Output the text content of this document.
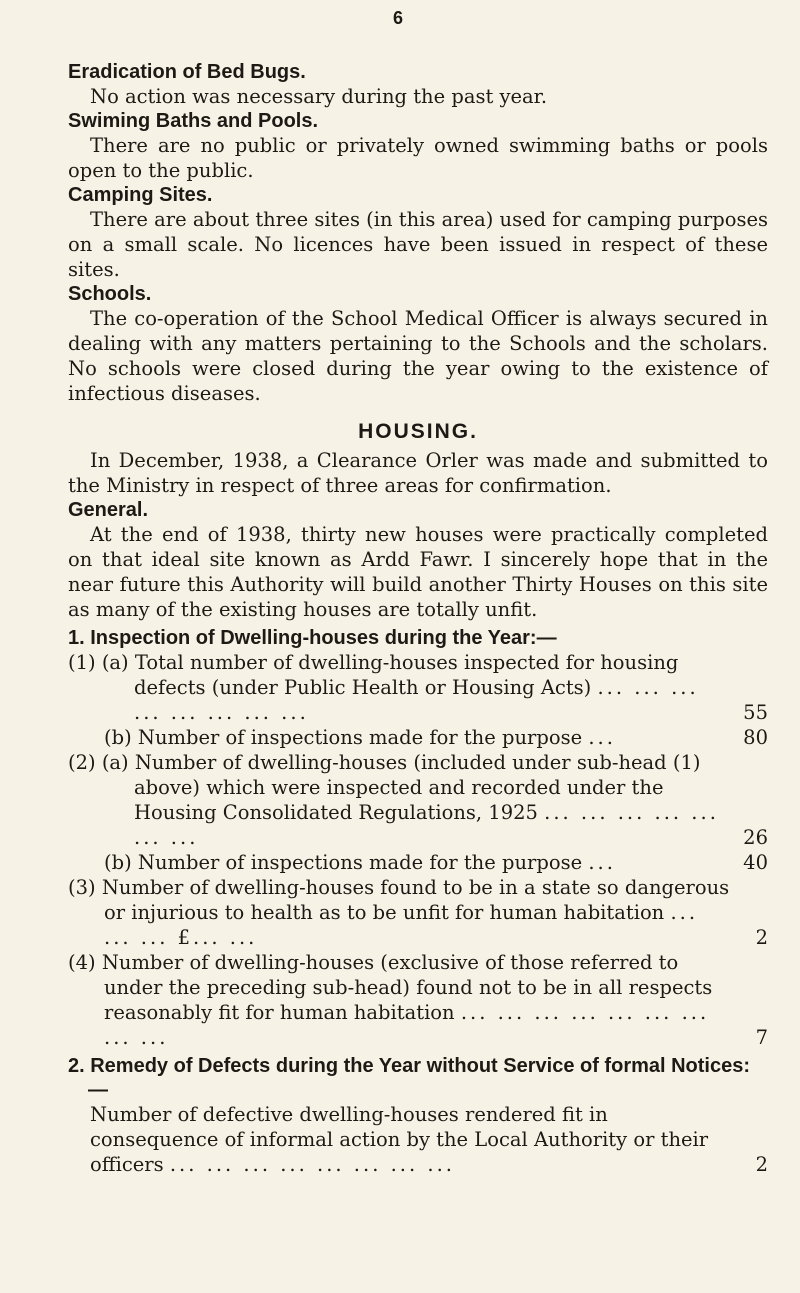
6

Eradication of Bed Bugs.

No action was necessary during the past year.

Swiming Baths and Pools.

There are no public or privately owned swimming baths or pools open to the public.

Camping Sites.

There are about three sites (in this area) used for camping purposes on a small scale. No licences have been issued in respect of these sites.

Schools.

The co-operation of the School Medical Officer is always secured in dealing with any matters pertaining to the Schools and the scholars. No schools were closed during the year owing to the existence of infectious diseases.

HOUSING.

In December, 1938, a Clearance Orler was made and submitted to the Ministry in respect of three areas for confirmation.

General.

At the end of 1938, thirty new houses were practically completed on that ideal site known as Ardd Fawr. I sincerely hope that in the near future this Authority will build another Thirty Houses on this site as many of the existing houses are totally unfit.

1. Inspection of Dwelling-houses during the Year:—

(1) (a) Total number of dwelling-houses inspected for housing defects (under Public Health or Housing Acts) ... ... ... ... ... ... ... ...	55
(b) Number of inspections made for the purpose ...	80
(2) (a) Number of dwelling-houses (included under sub-head (1) above) which were inspected and recorded under the Housing Consolidated Regulations, 1925 ... ... ... ... ... ... ...	26
(b) Number of inspections made for the purpose ...	40
(3) Number of dwelling-houses found to be in a state so dangerous or injurious to health as to be unfit for human habitation ... ... ... £... ...	2
(4) Number of dwelling-houses (exclusive of those referred to under the preceding sub-head) found not to be in all respects reasonably fit for human habitation ... ... ... ... ... ... ... ... ...	7

2. Remedy of Defects during the Year without Service of formal Notices:—

Number of defective dwelling-houses rendered fit in consequence of informal action by the Local Authority or their officers ... ... ... ... ... ... ... ...	2
